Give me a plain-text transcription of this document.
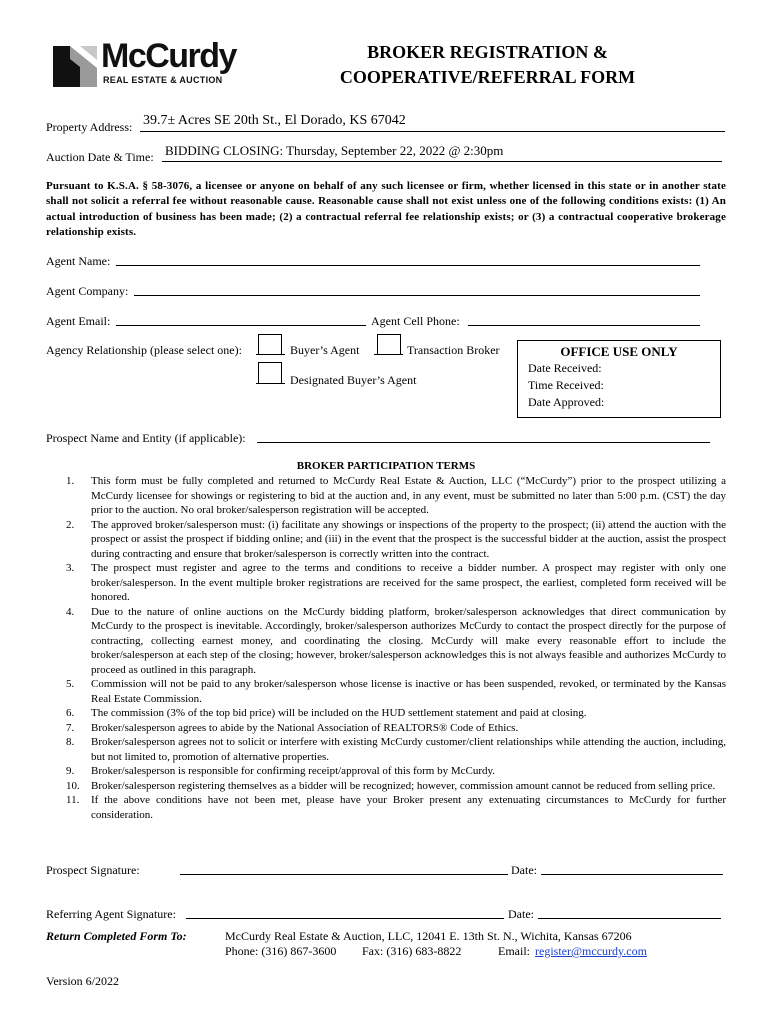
McCurdy
REAL ESTATE & AUCTION
BROKER REGISTRATION &
COOPERATIVE/REFERRAL FORM
Property Address: 39.7± Acres SE 20th St., El Dorado, KS 67042
Auction Date & Time: BIDDING CLOSING: Thursday, September 22, 2022 @ 2:30pm
Pursuant to K.S.A. § 58-3076, a licensee or anyone on behalf of any such licensee or firm, whether licensed in this state or in another state shall not solicit a referral fee without reasonable cause. Reasonable cause shall not exist unless one of the following conditions exists: (1) An actual introduction of business has been made; (2) a contractual referral fee relationship exists; or (3) a contractual cooperative brokerage relationship exists.
Agent Name:
Agent Company:
Agent Email:	Agent Cell Phone:
Agency Relationship (please select one):	Buyer’s Agent	Transaction Broker
Designated Buyer’s Agent
OFFICE USE ONLY
Date Received:
Time Received:
Date Approved:
Prospect Name and Entity (if applicable):
BROKER PARTICIPATION TERMS
1. This form must be fully completed and returned to McCurdy Real Estate & Auction, LLC (“McCurdy”) prior to the prospect utilizing a McCurdy licensee for showings or registering to bid at the auction and, in any event, must be submitted no later than 5:00 p.m. (CST) the day prior to the auction. No oral broker/salesperson registration will be accepted.
2. The approved broker/salesperson must: (i) facilitate any showings or inspections of the property to the prospect; (ii) attend the auction with the prospect or assist the prospect if bidding online; and (iii) in the event that the prospect is the successful bidder at the auction, assist the prospect during contracting and ensure that broker/salesperson is correctly written into the contract.
3. The prospect must register and agree to the terms and conditions to receive a bidder number. A prospect may register with only one broker/salesperson. In the event multiple broker registrations are received for the same prospect, the earliest, completed form received will be honored.
4. Due to the nature of online auctions on the McCurdy bidding platform, broker/salesperson acknowledges that direct communication by McCurdy to the prospect is inevitable. Accordingly, broker/salesperson authorizes McCurdy to contact the prospect directly for the purpose of contracting, collecting earnest money, and coordinating the closing. McCurdy will make every reasonable effort to include the broker/salesperson at each step of the closing; however, broker/salesperson acknowledges this is not always feasible and authorizes McCurdy to proceed as outlined in this paragraph.
5. Commission will not be paid to any broker/salesperson whose license is inactive or has been suspended, revoked, or terminated by the Kansas Real Estate Commission.
6. The commission (3% of the top bid price) will be included on the HUD settlement statement and paid at closing.
7. Broker/salesperson agrees to abide by the National Association of REALTORS® Code of Ethics.
8. Broker/salesperson agrees not to solicit or interfere with existing McCurdy customer/client relationships while attending the auction, including, but not limited to, promotion of alternative properties.
9. Broker/salesperson is responsible for confirming receipt/approval of this form by McCurdy.
10. Broker/salesperson registering themselves as a bidder will be recognized; however, commission amount cannot be reduced from selling price.
11. If the above conditions have not been met, please have your Broker present any extenuating circumstances to McCurdy for further consideration.
Prospect Signature:	Date:
Referring Agent Signature:	Date:
Return Completed Form To:	McCurdy Real Estate & Auction, LLC, 12041 E. 13th St. N., Wichita, Kansas 67206
Phone: (316) 867-3600 Fax: (316) 683-8822	Email: register@mccurdy.com
Version 6/2022
